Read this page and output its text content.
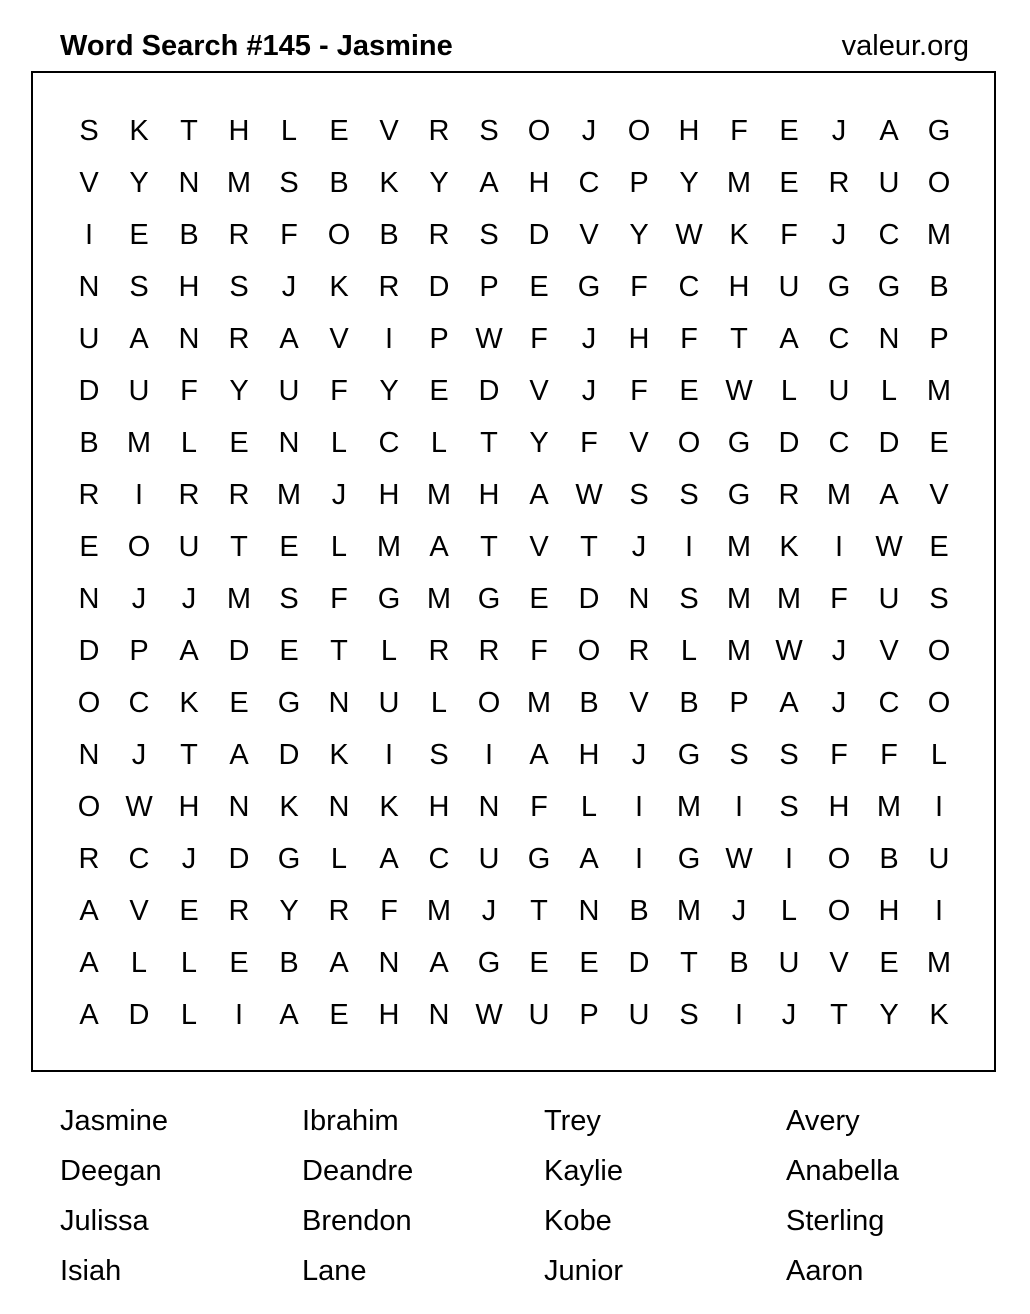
Word Search #145 - Jasmine	valeur.org
S	K	T	H	L	E	V	R	S	O	J	O H	F	E	J	A	G
V	Y	N M S	B	K	Y	A	H	C	P	Y M E	R	U O
I	E	B	R	F	O	B	R	S	D	V	Y W K	F	J	C M
N	S	H	S	J	K	R	D	P	E	G	F	C	H	U G G	B
U	A	N	R	A	V	I	P W F	J	H	F	T	A	C	N	P
D	U	F	Y	U	F	Y	E	D	V	J	F	E W L	U	L	M
B M	L	E	N	L	C	L	T	Y	F	V	O G D	C	D	E
R	I	R	R M	J	H M H	A W S	S	G R M A	V
E	O U	T	E	L	M A	T	V	T	J	I	M K	I	W E
N	J	J	M S	F	G M G	E	D	N	S M M	F	U	S
D	P	A	D	E	T	L	R	R	F	O R	L	M W	J	V	O
O C	K	E	G N	U	L	O M B	V	B	P	A	J	C O
N	J	T	A	D	K	I	S	I	A	H	J	G	S	S	F	F	L
O W H	N	K	N	K	H	N	F	L	I	M	I	S	H M	I
R	C	J	D G	L	A	C	U G	A	I	G W	I	O	B	U
A	V	E	R	Y	R	F	M	J	T	N	B M	J	L	O H	I
A	L	L	E	B	A	N	A	G	E	E	D	T	B	U	V	E M
A	D	L	I	A	E	H	N W U	P	U	S	I	J	T	Y	K
Jasmine	Ibrahim	Trey	Avery
Deegan	Deandre	Kaylie	Anabella
Julissa	Brendon	Kobe	Sterling
Isiah	Lane	Junior	Aaron
